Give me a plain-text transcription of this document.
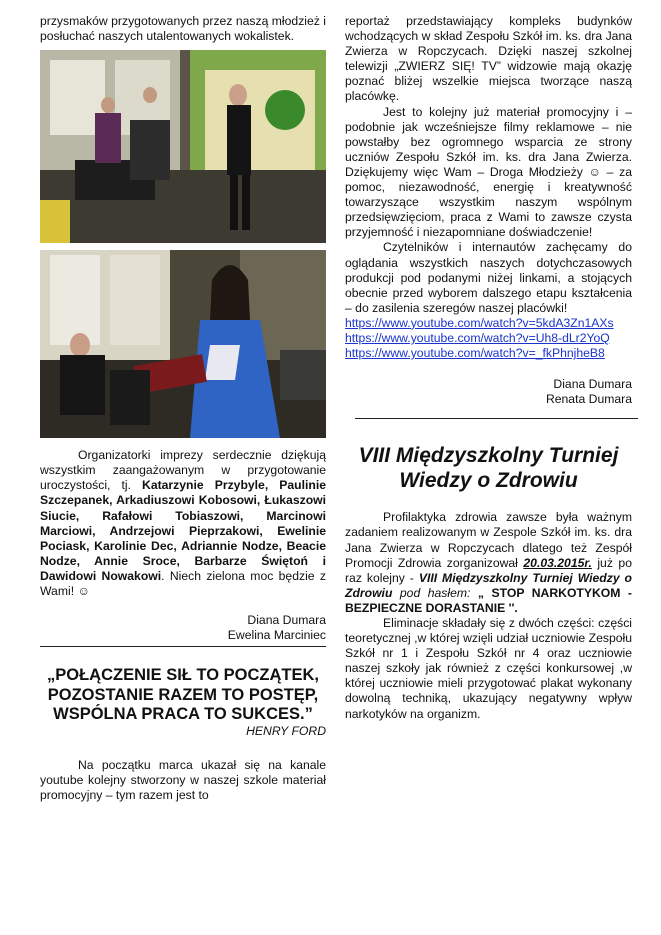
przysmaków przygotowanych przez naszą młodzież i posłuchać naszych utalentowanych wokalistek.

Organizatorki imprezy serdecznie dziękują wszystkim zaangażowanym w przygotowanie uroczystości, tj. Katarzynie Przybyle, Paulinie Szczepanek, Arkadiuszowi Kobosowi, Łukaszowi Siucie, Rafałowi Tobiaszowi, Marcinowi Marciowi, Andrzejowi Pieprzakowi, Ewelinie Pociask, Karolinie Dec, Adriannie Nodze, Beacie Nodze, Annie Sroce, Barbarze Świętoń i Dawidowi Nowakowi. Niech zielona moc będzie z Wami! ☺

Diana Dumara

Ewelina Marciniec

„POŁĄCZENIE SIŁ TO POCZĄTEK, POZOSTANIE RAZEM TO POSTĘP, WSPÓLNA PRACA TO SUKCES.”

HENRY FORD

Na początku marca ukazał się na kanale youtube kolejny stworzony w naszej szkole materiał promocyjny – tym razem jest to

reportaż przedstawiający kompleks budynków wchodzących w skład Zespołu Szkół im. ks. dra Jana Zwierza w Ropczycach. Dzięki naszej szkolnej telewizji „ZWIERZ SIĘ! TV” widzowie mają okazję poznać bliżej wszelkie miejsca tworzące naszą placówkę.

Jest to kolejny już materiał promocyjny i – podobnie jak wcześniejsze filmy reklamowe – nie powstałby bez ogromnego wsparcia ze strony uczniów Zespołu Szkół im. ks. dra Jana Zwierza. Dziękujemy więc Wam – Droga Młodzieży ☺ – za pomoc, niezawodność, energię i kreatywność towarzyszące wszystkim naszym wspólnym przedsięwzięciom, praca z Wami to zawsze czysta przyjemność i niezapomniane doświadczenie!

Czytelników i internautów zachęcamy do oglądania wszystkich naszych dotychczasowych produkcji pod podanymi niżej linkami, a stojących obecnie przed wyborem dalszego etapu kształcenia – do zasilenia szeregów naszej placówki!

https://www.youtube.com/watch?v=5kdA3Zn1AXs
https://www.youtube.com/watch?v=Uh8-dLr2YoQ
https://www.youtube.com/watch?v=_fkPhnjheB8

Diana Dumara

Renata Dumara

VIII Międzyszkolny Turniej Wiedzy o Zdrowiu

Profilaktyka zdrowia zawsze była ważnym zadaniem realizowanym w Zespole Szkół im. ks. dra Jana Zwierza w Ropczycach dlatego też Zespół Promocji Zdrowia zorganizował 20.03.2015r. już po raz kolejny - VIII Międzyszkolny Turniej Wiedzy o Zdrowiu pod hasłem: „ STOP NARKOTYKOM - BEZPIECZNE DORASTANIE ''.

Eliminacje składały się z dwóch części: części teoretycznej ,w której wzięli udział uczniowie Zespołu Szkół nr 1 i Zespołu Szkół nr 4 oraz uczniowie naszej szkoły jak również z części konkursowej ,w której uczniowie mieli przygotować plakat wykonany dowolną techniką, ukazujący negatywny wpływ narkotyków na organizm.
